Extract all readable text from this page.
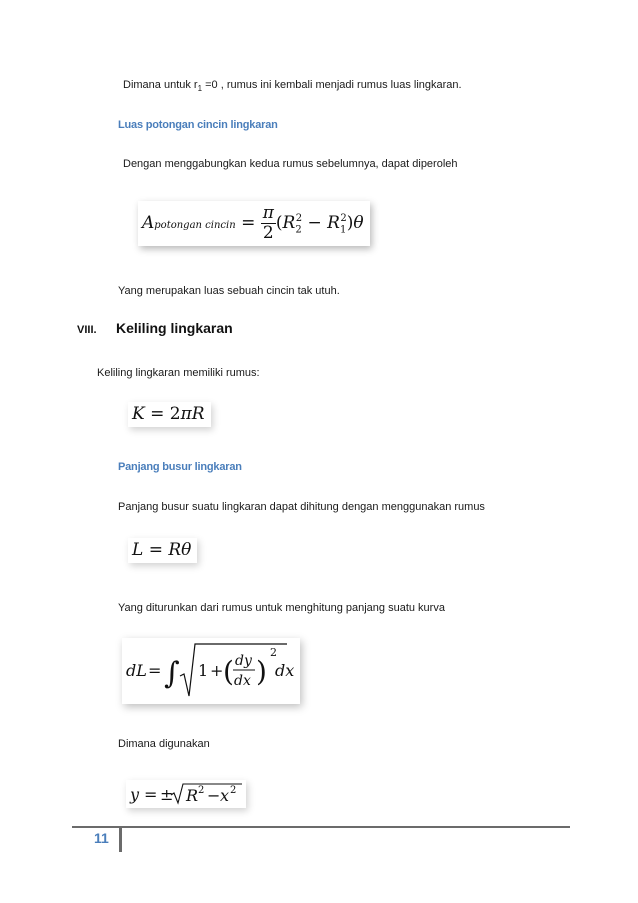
Dimana untuk $r_1 =0$ , rumus ini kembali menjadi rumus luas lingkaran.
Luas potongan cincin lingkaran
Dengan menggabungkan kedua rumus sebelumnya, dapat diperoleh
Apotongan cincin = $\frac{\pi}{2} (R_2^2 - R_1^2)\theta$
Yang merupakan luas sebuah cincin tak utuh.
VIII. Keliling lingkaran
Keliling lingkaran memiliki rumus:
K = 2πR
Panjang busur lingkaran
Panjang busur suatu lingkaran dapat dihitung dengan menggunakan rumus
L = Rθ
Yang diturunkan dari rumus untuk menghitung panjang suatu kurva
dL = ∫ 1 + ( dy
dx )
2
dx
Dimana digunakan
y = ± R 2 − x 2
11
